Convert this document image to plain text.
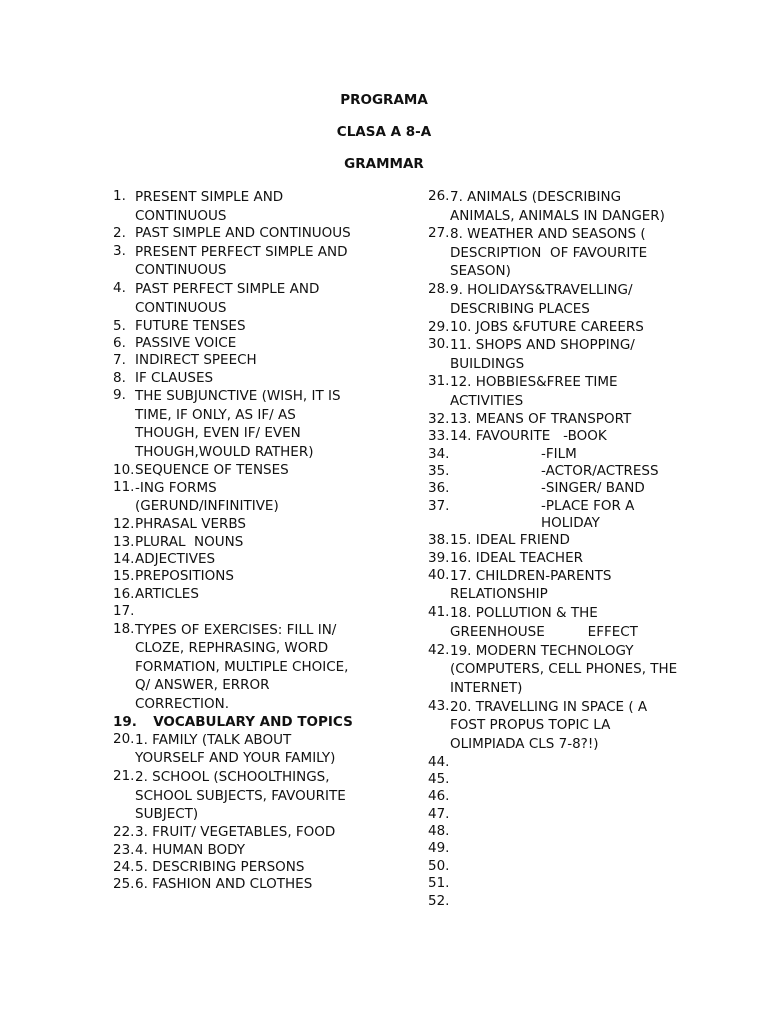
PROGRAMA
CLASA A 8-A
GRAMMAR
1. PRESENT SIMPLE AND CONTINUOUS
2. PAST SIMPLE AND CONTINUOUS
3. PRESENT PERFECT SIMPLE AND CONTINUOUS
4. PAST PERFECT SIMPLE AND CONTINUOUS
5. FUTURE TENSES
6. PASSIVE VOICE
7. INDIRECT SPEECH
8. IF CLAUSES
9. THE SUBJUNCTIVE (WISH, IT IS TIME, IF ONLY, AS IF/ AS THOUGH, EVEN IF/ EVEN THOUGH,WOULD RATHER)
10. SEQUENCE OF TENSES
11. -ING FORMS (GERUND/INFINITIVE)
12. PHRASAL VERBS
13. PLURAL  NOUNS
14. ADJECTIVES
15. PREPOSITIONS
16. ARTICLES
17.
18. TYPES OF EXERCISES: FILL IN/ CLOZE, REPHRASING, WORD FORMATION, MULTIPLE CHOICE, Q/ ANSWER, ERROR CORRECTION.
19.	VOCABULARY AND TOPICS
20. 1. FAMILY (TALK ABOUT YOURSELF AND YOUR FAMILY)
21. 2. SCHOOL (SCHOOLTHINGS, SCHOOL SUBJECTS, FAVOURITE SUBJECT)
22. 3. FRUIT/ VEGETABLES, FOOD
23. 4. HUMAN BODY
24. 5. DESCRIBING PERSONS
25. 6. FASHION AND CLOTHES
26. 7. ANIMALS (DESCRIBING ANIMALS, ANIMALS IN DANGER)
27. 8. WEATHER AND SEASONS ( DESCRIPTION  OF FAVOURITE SEASON)
28. 9. HOLIDAYS&TRAVELLING/ DESCRIBING PLACES
29. 10. JOBS &FUTURE CAREERS
30. 11. SHOPS AND SHOPPING/ BUILDINGS
31. 12. HOBBIES&FREE TIME ACTIVITIES
32. 13. MEANS OF TRANSPORT
33. 14. FAVOURITE   -BOOK
34.	-FILM
35.	-ACTOR/ACTRESS
36.	-SINGER/ BAND
37.	-PLACE FOR A HOLIDAY
38. 15. IDEAL FRIEND
39. 16. IDEAL TEACHER
40. 17. CHILDREN-PARENTS RELATIONSHIP
41. 18. POLLUTION & THE GREENHOUSE          EFFECT
42. 19. MODERN TECHNOLOGY (COMPUTERS, CELL PHONES, THE INTERNET)
43. 20. TRAVELLING IN SPACE ( A FOST PROPUS TOPIC LA OLIMPIADA CLS 7-8?!)
44.
45.
46.
47.
48.
49.
50.
51.
52.
